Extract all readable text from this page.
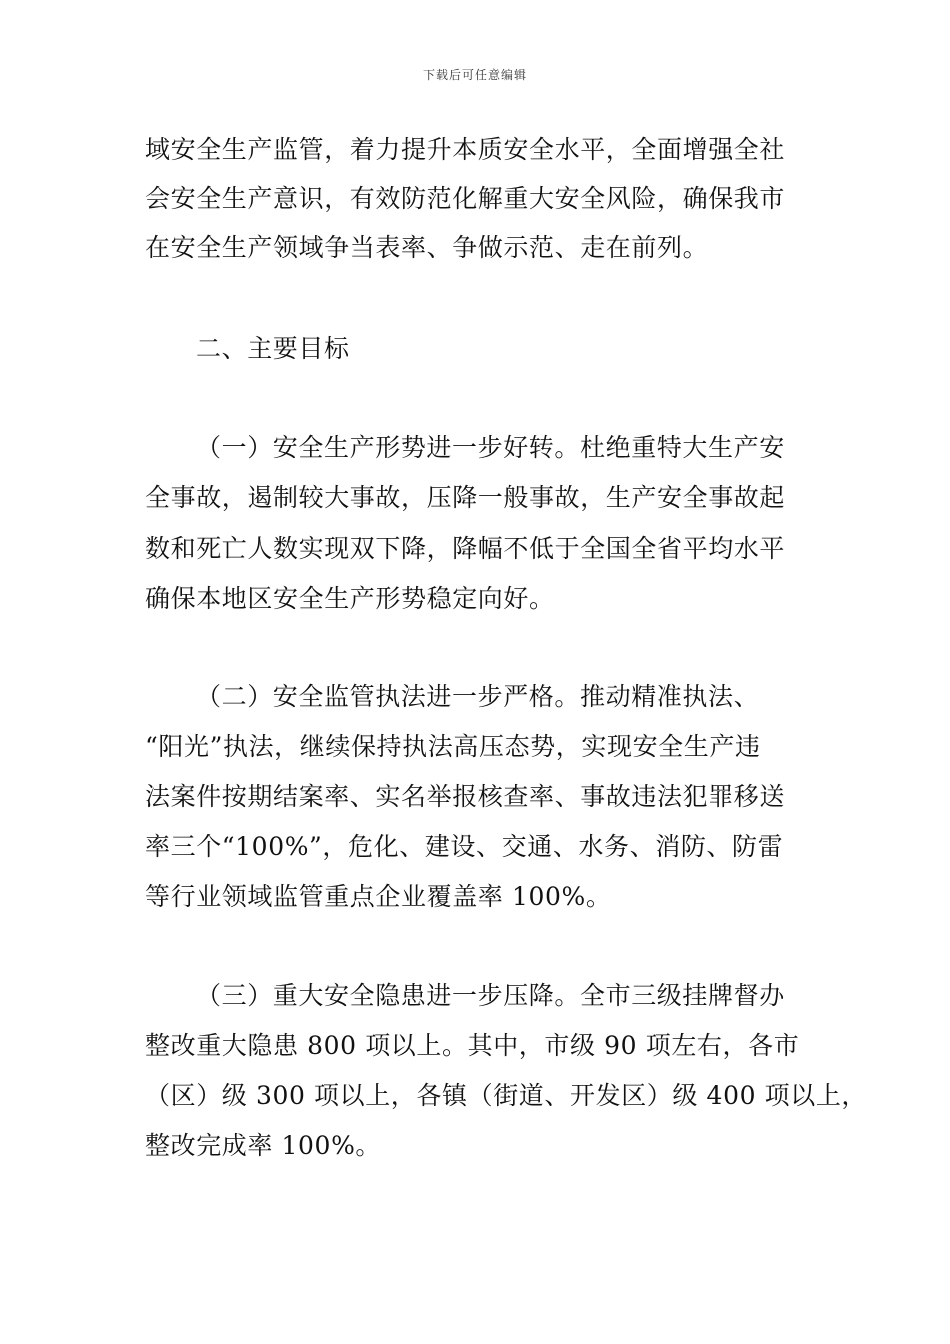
下载后可任意编辑
域安全生产监管，着力提升本质安全水平，全面增强全社
会安全生产意识，有效防范化解重大安全风险，确保我市
在安全生产领域争当表率、争做示范、走在前列。
二、主要目标
（一）安全生产形势进一步好转。杜绝重特大生产安
全事故，遏制较大事故，压降一般事故，生产安全事故起
数和死亡人数实现双下降，降幅不低于全国全省平均水平
确保本地区安全生产形势稳定向好。
（二）安全监管执法进一步严格。推动精准执法、
“阳光”执法，继续保持执法高压态势，实现安全生产违
法案件按期结案率、实名举报核查率、事故违法犯罪移送
率三个“100%”，危化、建设、交通、水务、消防、防雷
等行业领域监管重点企业覆盖率 100%。
（三）重大安全隐患进一步压降。全市三级挂牌督办
整改重大隐患 800 项以上。其中，市级 90 项左右，各市
（区）级 300 项以上，各镇（街道、开发区）级 400 项以上，
整改完成率 100%。
